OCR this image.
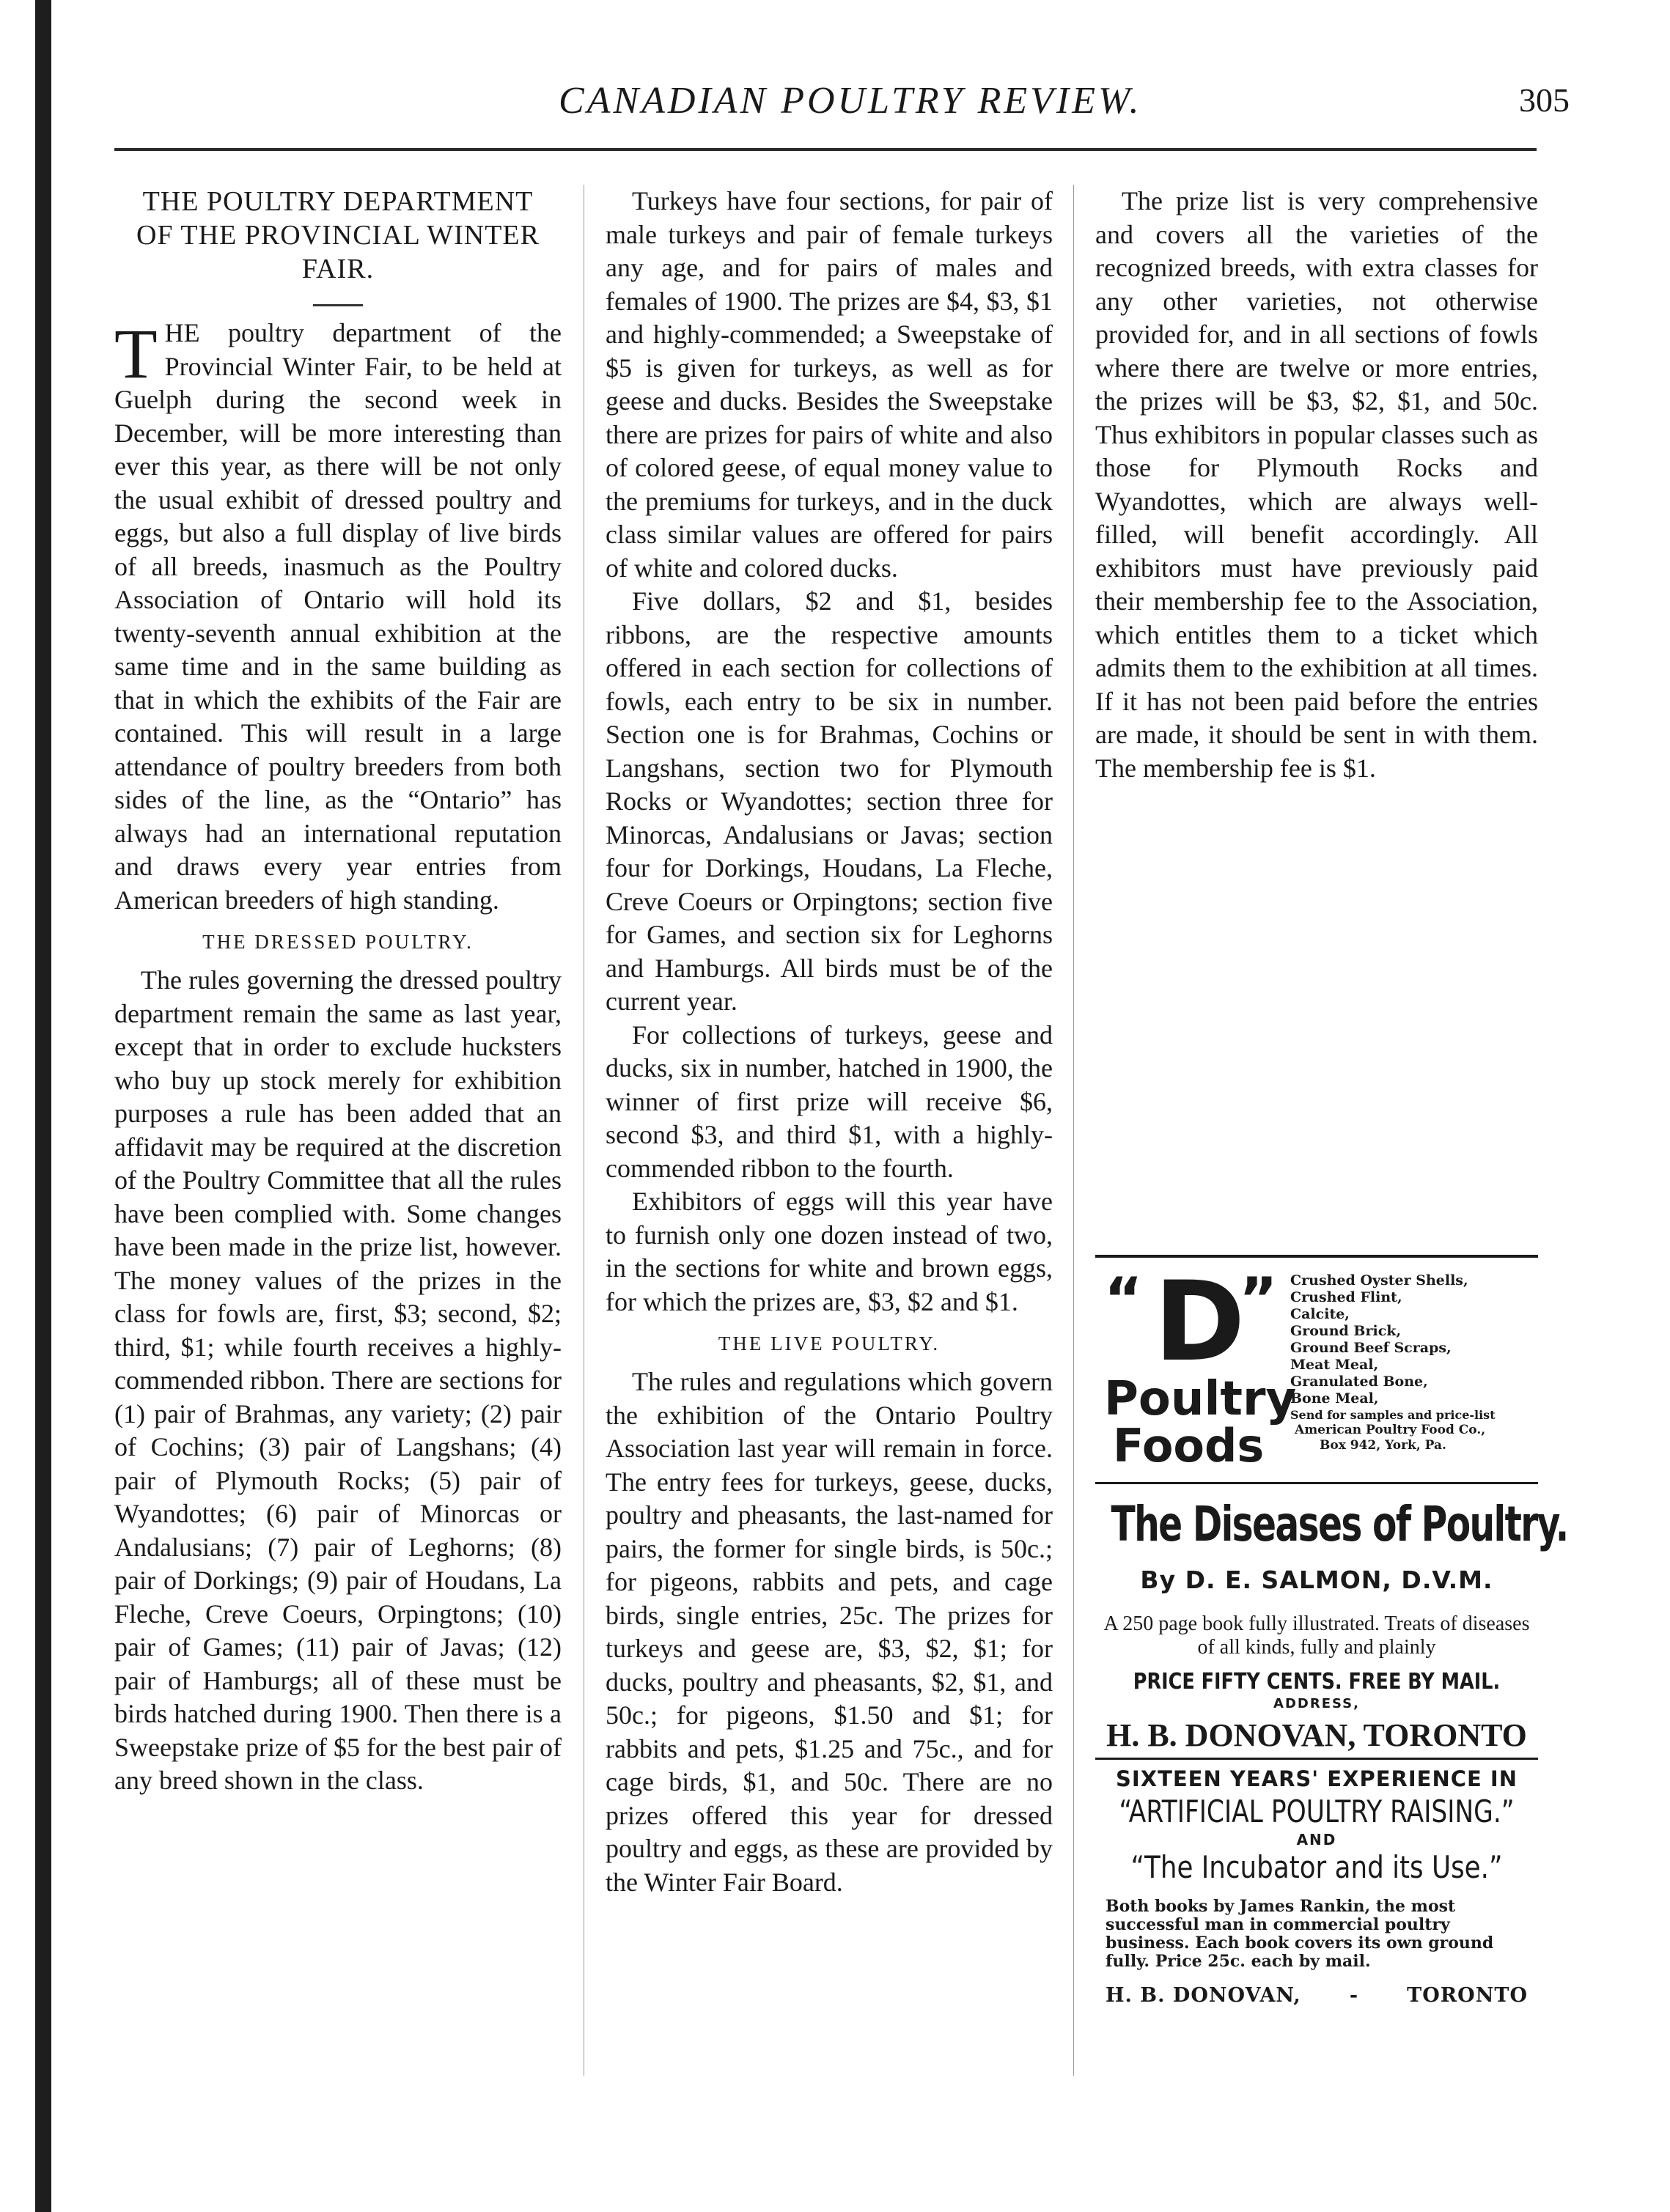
CANADIAN POULTRY REVIEW.	305
THE POULTRY DEPARTMENT OF THE PROVINCIAL WINTER FAIR.

THE poultry department of the Provincial Winter Fair, to be held at Guelph during the second week in December, will be more interesting than ever this year, as there will be not only the usual exhibit of dressed poultry and eggs, but also a full display of live birds of all breeds, inasmuch as the Poultry Association of Ontario will hold its twenty-seventh annual exhibition at the same time and in the same building as that in which the exhibits of the Fair are contained. This will result in a large attendance of poultry breeders from both sides of the line, as the “Ontario” has always had an international reputation and draws every year entries from American breeders of high standing.

THE DRESSED POULTRY.

The rules governing the dressed poultry department remain the same as last year, except that in order to exclude hucksters who buy up stock merely for exhibition purposes a rule has been added that an affidavit may be required at the discretion of the Poultry Committee that all the rules have been complied with. Some changes have been made in the prize list, however. The money values of the prizes in the class for fowls are, first, $3; second, $2; third, $1; while fourth receives a highly-commended ribbon. There are sections for (1) pair of Brahmas, any variety; (2) pair of Cochins; (3) pair of Langshans; (4) pair of Plymouth Rocks; (5) pair of Wyandottes; (6) pair of Minorcas or Andalusians; (7) pair of Leghorns; (8) pair of Dorkings; (9) pair of Houdans, La Fleche, Creve Coeurs, Orpingtons; (10) pair of Games; (11) pair of Javas; (12) pair of Hamburgs; all of these must be birds hatched during 1900. Then there is a Sweepstake prize of $5 for the best pair of any breed shown in the class.

Turkeys have four sections, for pair of male turkeys and pair of female turkeys any age, and for pairs of males and females of 1900. The prizes are $4, $3, $1 and highly-commended; a Sweepstake of $5 is given for turkeys, as well as for geese and ducks. Besides the Sweepstake there are prizes for pairs of white and also of colored geese, of equal money value to the premiums for turkeys, and in the duck class similar values are offered for pairs of white and colored ducks.

Five dollars, $2 and $1, besides ribbons, are the respective amounts offered in each section for collections of fowls, each entry to be six in number. Section one is for Brahmas, Cochins or Langshans, section two for Plymouth Rocks or Wyandottes; section three for Minorcas, Andalusians or Javas; section four for Dorkings, Houdans, La Fleche, Creve Coeurs or Orpingtons; section five for Games, and section six for Leghorns and Hamburgs. All birds must be of the current year.

For collections of turkeys, geese and ducks, six in number, hatched in 1900, the winner of first prize will receive $6, second $3, and third $1, with a highly-commended ribbon to the fourth.

Exhibitors of eggs will this year have to furnish only one dozen instead of two, in the sections for white and brown eggs, for which the prizes are, $3, $2 and $1.

THE LIVE POULTRY.

The rules and regulations which govern the exhibition of the Ontario Poultry Association last year will remain in force. The entry fees for turkeys, geese, ducks, poultry and pheasants, the last-named for pairs, the former for single birds, is 50c.; for pigeons, rabbits and pets, and cage birds, single entries, 25c. The prizes for turkeys and geese are, $3, $2, $1; for ducks, poultry and pheasants, $2, $1, and 50c.; for pigeons, $1.50 and $1; for rabbits and pets, $1.25 and 75c., and for cage birds, $1, and 50c. There are no prizes offered this year for dressed poultry and eggs, as these are provided by the Winter Fair Board.

The prize list is very comprehensive and covers all the varieties of the recognized breeds, with extra classes for any other varieties, not otherwise provided for, and in all sections of fowls where there are twelve or more entries, the prizes will be $3, $2, $1, and 50c. Thus exhibitors in popular classes such as those for Plymouth Rocks and Wyandottes, which are always well-filled, will benefit accordingly. All exhibitors must have previously paid their membership fee to the Association, which entitles them to a ticket which admits them to the exhibition at all times. If it has not been paid before the entries are made, it should be sent in with them. The membership fee is $1.

“ D
”
Poultry
Foods
Crushed Oyster Shells,
Crushed Flint,
Calcite,
Ground Brick,
Ground Beef Scraps,
Meat Meal,
Granulated Bone,
Bone Meal,
Send for samples and price-list
American Poultry Food Co.,
Box 942, York, Pa.
The Diseases of Poultry.
By D. E. SALMON, D.V.M.
A 250 page book fully illustrated. Treats of diseases of all kinds, fully and plainly
PRICE FIFTY CENTS. FREE BY MAIL.
ADDRESS,
H. B. DONOVAN, TORONTO
SIXTEEN YEARS' EXPERIENCE IN
“ARTIFICIAL POULTRY RAISING.”
AND
“The Incubator and its Use.”
Both books by James Rankin, the most successful man in commercial poultry business. Each book covers its own ground fully. Price 25c. each by mail.
H. B. DONOVAN, - TORONTO
